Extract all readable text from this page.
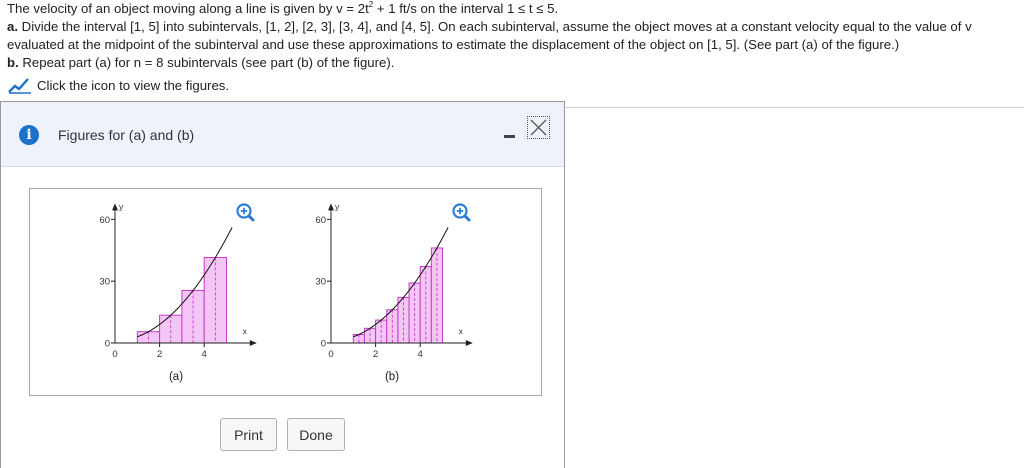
The velocity of an object moving along a line is given by $v = 2t^2 + 1$ ft/s on the interval 1 ≤ t ≤ 5.
a. Divide the interval [1, 5] into subintervals, [1, 2], [2, 3], [3, 4], and [4, 5]. On each subinterval, assume the object moves at a constant velocity equal to the value of v
evaluated at the midpoint of the subinterval and use these approximations to estimate the displacement of the object on [1, 5]. (See part (a) of the figure.)
b. Repeat part (a) for n = 8 subintervals (see part (b) of the figure).
Click the icon to view the figures.
i	Figures for (a) and (b)
0
30
60
0	2	4
x
y
(a)
0
30
60
0	2	4
x
y
(b)
Print	Done
